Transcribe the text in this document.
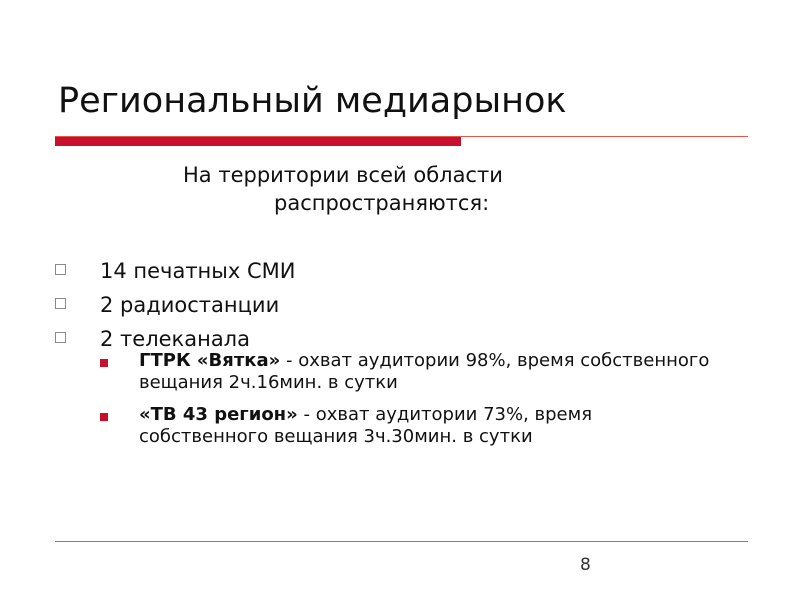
Региональный медиарынок
На территории всей области
распространяются:
14 печатных СМИ
2 радиостанции
2 телеканала
ГТРК «Вятка» - охват аудитории 98%, время собственного вещания 2ч.16мин. в сутки
«ТВ 43 регион» - охват аудитории 73%, время собственного вещания 3ч.30мин. в сутки
8
